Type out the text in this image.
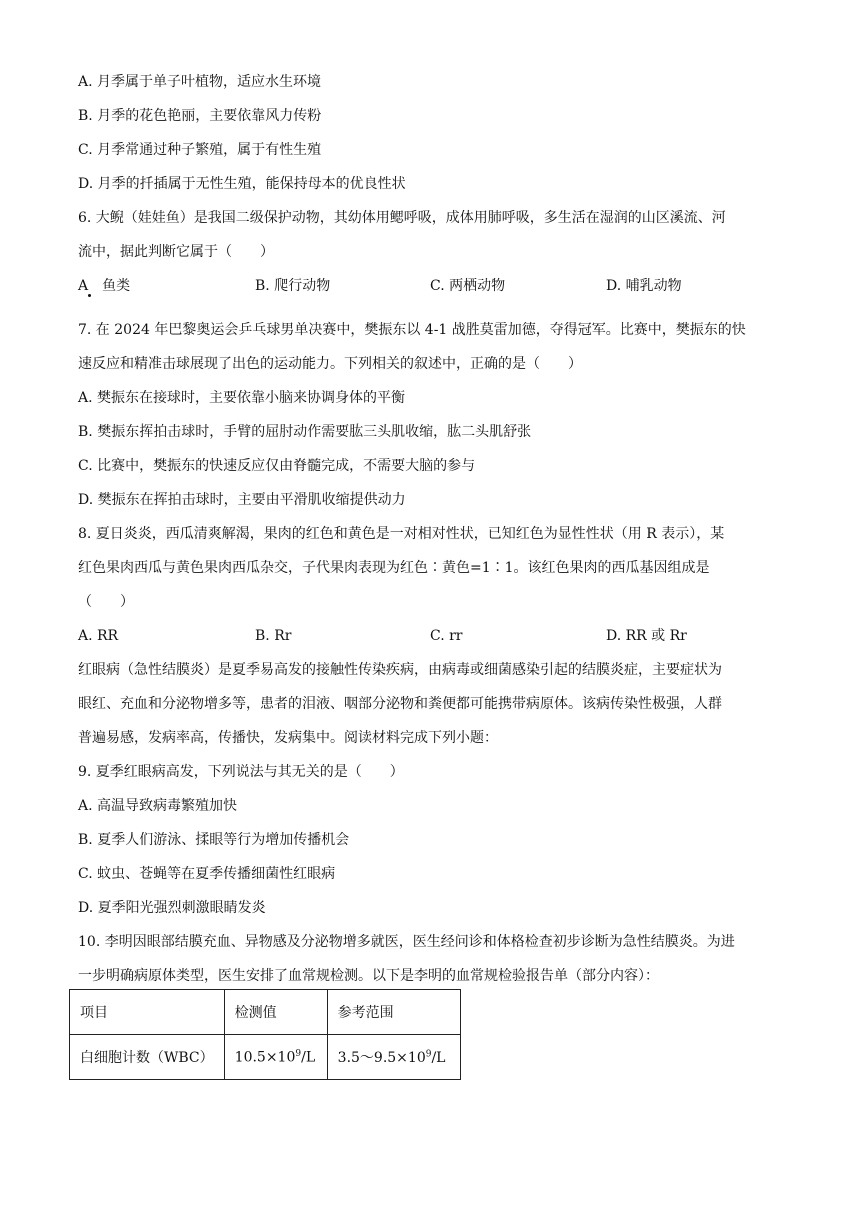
A. 月季属于单子叶植物，适应水生环境
B. 月季的花色艳丽，主要依靠风力传粉
C. 月季常通过种子繁殖，属于有性生殖
D. 月季的扦插属于无性生殖，能保持母本的优良性状
6. 大鲵（娃娃鱼）是我国二级保护动物，其幼体用鳃呼吸，成体用肺呼吸，多生活在湿润的山区溪流、河
流中，据此判断它属于（　　）
A　鱼类	B. 爬行动物	C. 两栖动物	D. 哺乳动物
7. 在 2024 年巴黎奥运会乒乓球男单决赛中，樊振东以 4-1 战胜莫雷加德，夺得冠军。比赛中，樊振东的快
速反应和精准击球展现了出色的运动能力。下列相关的叙述中，正确的是（　　）
A. 樊振东在接球时，主要依靠小脑来协调身体的平衡
B. 樊振东挥拍击球时，手臂的屈肘动作需要肱三头肌收缩，肱二头肌舒张
C. 比赛中，樊振东的快速反应仅由脊髓完成，不需要大脑的参与
D. 樊振东在挥拍击球时，主要由平滑肌收缩提供动力
8. 夏日炎炎，西瓜清爽解渴，果肉的红色和黄色是一对相对性状，已知红色为显性性状（用 R 表示），某
红色果肉西瓜与黄色果肉西瓜杂交，子代果肉表现为红色∶黄色=1∶1。该红色果肉的西瓜基因组成是
（　　）
A. RR	B. Rr	C. rr	D. RR 或 Rr
红眼病（急性结膜炎）是夏季易高发的接触性传染疾病，由病毒或细菌感染引起的结膜炎症，主要症状为
眼红、充血和分泌物增多等，患者的泪液、咽部分泌物和粪便都可能携带病原体。该病传染性极强，人群
普遍易感，发病率高，传播快，发病集中。阅读材料完成下列小题：
9. 夏季红眼病高发，下列说法与其无关的是（　　）
A. 高温导致病毒繁殖加快
B. 夏季人们游泳、揉眼等行为增加传播机会
C. 蚊虫、苍蝇等在夏季传播细菌性红眼病
D. 夏季阳光强烈刺激眼睛发炎
10. 李明因眼部结膜充血、异物感及分泌物增多就医，医生经问诊和体格检查初步诊断为急性结膜炎。为进
一步明确病原体类型，医生安排了血常规检测。以下是李明的血常规检验报告单（部分内容）：
项目	检测值	参考范围
白细胞计数（WBC）	$10.5\times 10^9/L$	$3.5\sim 9.5\times 10^9/L$
